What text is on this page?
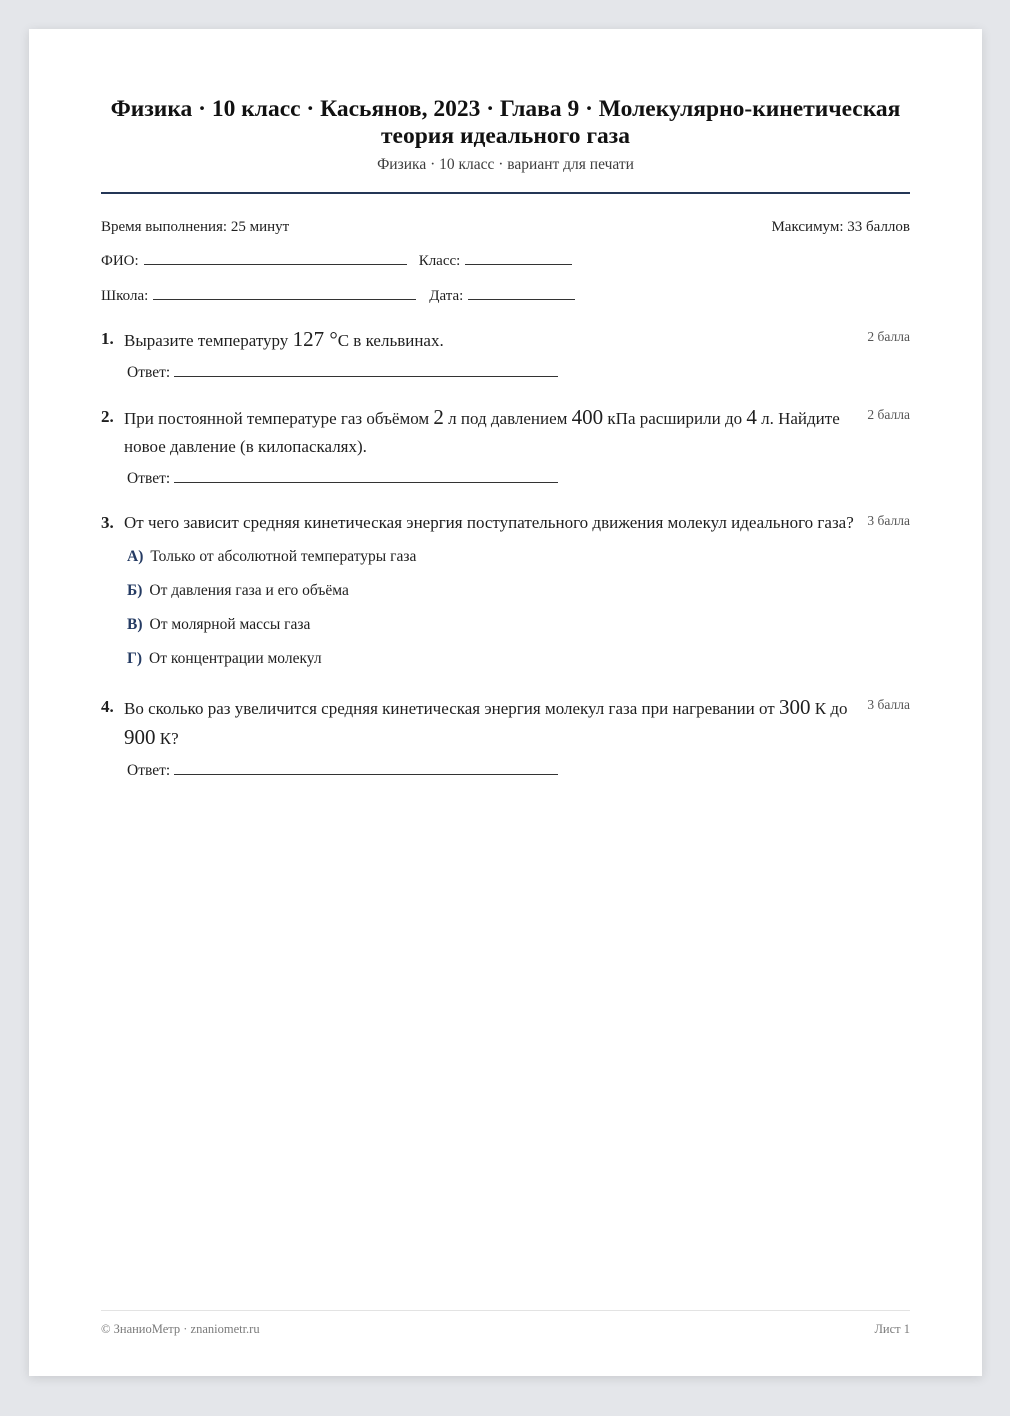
Физика · 10 класс · Касьянов, 2023 · Глава 9 · Молекулярно-кинетическая теория идеального газа
Физика · 10 класс · вариант для печати
Время выполнения: 25 минут	Максимум: 33 баллов
ФИО:	Класс:
Школа:	Дата:
1. Выразите температуру 127 °C в кельвинах.	2 балла
Ответ:
2. При постоянной температуре газ объёмом 2 л под давлением 400 кПа расширили до 4 л. Найдите новое давление (в килопаскалях).
2 балла
Ответ:
3. От чего зависит средняя кинетическая энергия поступательного движения молекул идеального газа?	3 балла
А) Только от абсолютной температуры газа
Б) От давления газа и его объёма
В) От молярной массы газа
Г) От концентрации молекул
4. Во сколько раз увеличится средняя кинетическая энергия молекул газа при нагревании от 300 К до 900 К?
3 балла
Ответ:
© ЗнаниоМетр · znaniometr.ru	Лист 1
